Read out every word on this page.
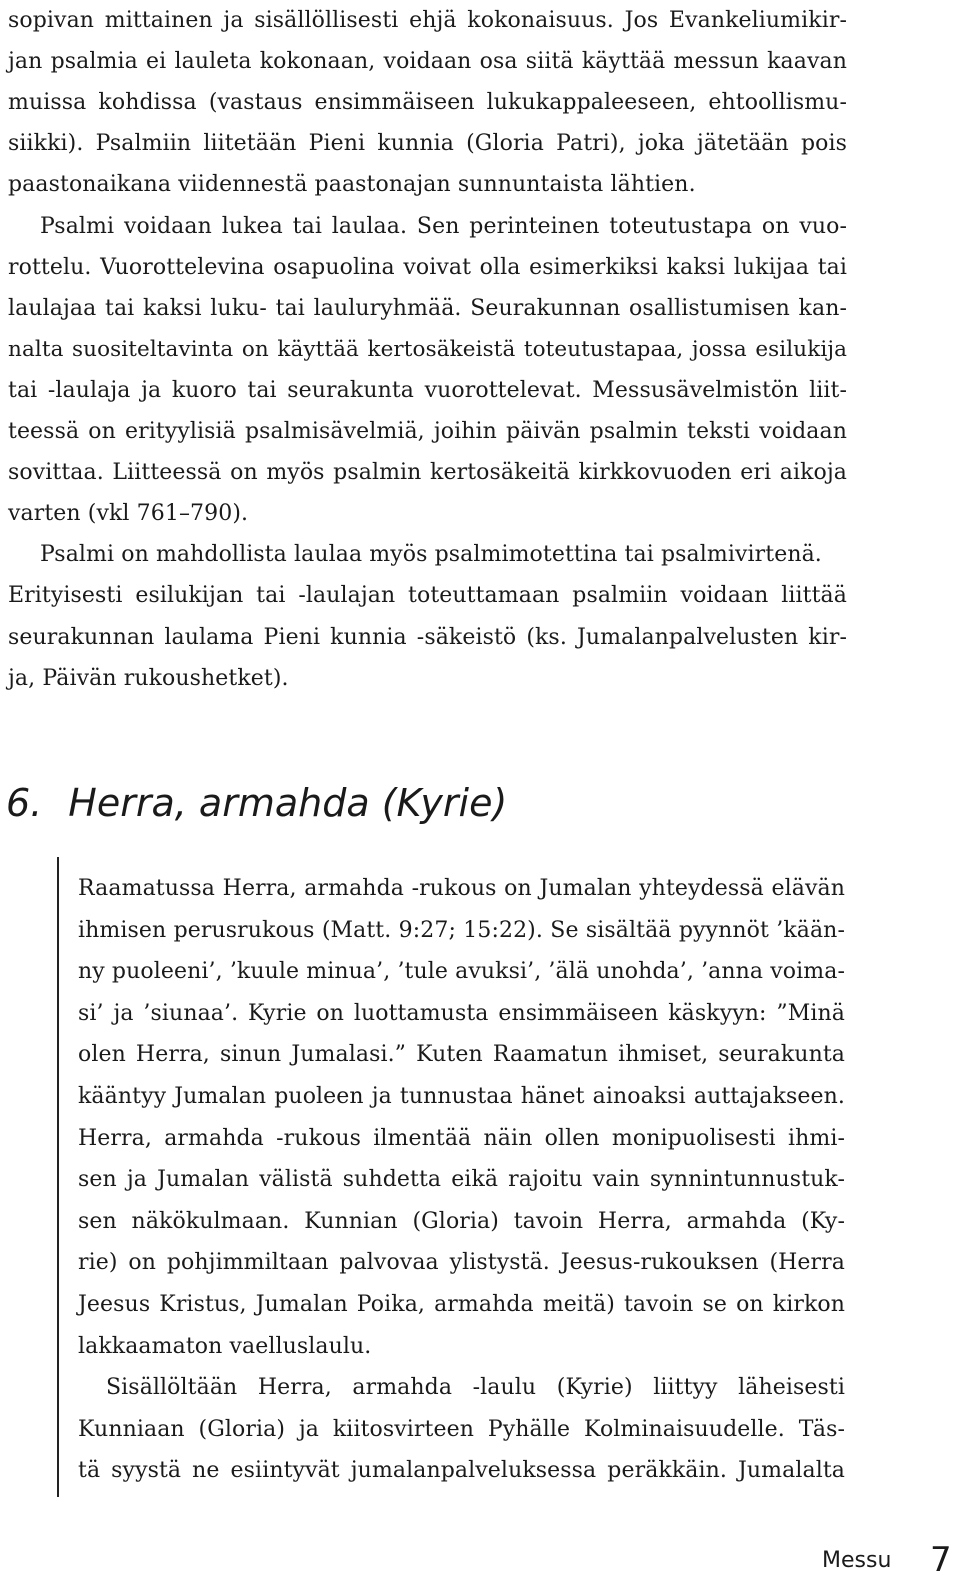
sopivan mittainen ja sisällöllisesti ehjä kokonaisuus. Jos Evankeliumikir-
jan psalmia ei lauleta kokonaan, voidaan osa siitä käyttää messun kaavan
muissa kohdissa (vastaus ensimmäiseen lukukappaleeseen, ehtoollismu-
siikki). Psalmiin liitetään Pieni kunnia (Gloria Patri), joka jätetään pois
paastonaikana viidennestä paastonajan sunnuntaista lähtien.
Psalmi voidaan lukea tai laulaa. Sen perinteinen toteutustapa on vuo-
rottelu. Vuorottelevina osapuolina voivat olla esimerkiksi kaksi lukijaa tai
laulajaa tai kaksi luku- tai lauluryhmää. Seurakunnan osallistumisen kan-
nalta suositeltavinta on käyttää kertosäkeistä toteutustapaa, jossa esilukija
tai -laulaja ja kuoro tai seurakunta vuorottelevat. Messusävelmistön liit-
teessä on erityylisiä psalmisävelmiä, joihin päivän psalmin teksti voidaan
sovittaa. Liitteessä on myös psalmin kertosäkeitä kirkkovuoden eri aikoja
varten (vkl 761–790).
Psalmi on mahdollista laulaa myös psalmimotettina tai psalmivirtenä.
Erityisesti esilukijan tai -laulajan toteuttamaan psalmiin voidaan liittää
seurakunnan laulama Pieni kunnia -säkeistö (ks. Jumalanpalvelusten kir-
ja, Päivän rukoushetket).
6. Herra, armahda (Kyrie)
Raamatussa Herra, armahda -rukous on Jumalan yhteydessä elävän
ihmisen perusrukous (Matt. 9:27; 15:22). Se sisältää pyynnöt ’kään-
ny puoleeni’, ’kuule minua’, ’tule avuksi’, ’älä unohda’, ’anna voima-
si’ ja ’siunaa’. Kyrie on luottamusta ensimmäiseen käskyyn: ”Minä
olen Herra, sinun Jumalasi.” Kuten Raamatun ihmiset, seurakunta
kääntyy Jumalan puoleen ja tunnustaa hänet ainoaksi auttajakseen.
Herra, armahda -rukous ilmentää näin ollen monipuolisesti ihmi-
sen ja Jumalan välistä suhdetta eikä rajoitu vain synnintunnustuk-
sen näkökulmaan. Kunnian (Gloria) tavoin Herra, armahda (Ky-
rie) on pohjimmiltaan palvovaa ylistystä. Jeesus-rukouksen (Herra
Jeesus Kristus, Jumalan Poika, armahda meitä) tavoin se on kirkon
lakkaamaton vaelluslaulu.
Sisällöltään Herra, armahda -laulu (Kyrie) liittyy läheisesti
Kunniaan (Gloria) ja kiitosvirteen Pyhälle Kolminaisuudelle. Täs-
tä syystä ne esiintyvät jumalanpalveluksessa peräkkäin. Jumalalta
Messu 7
